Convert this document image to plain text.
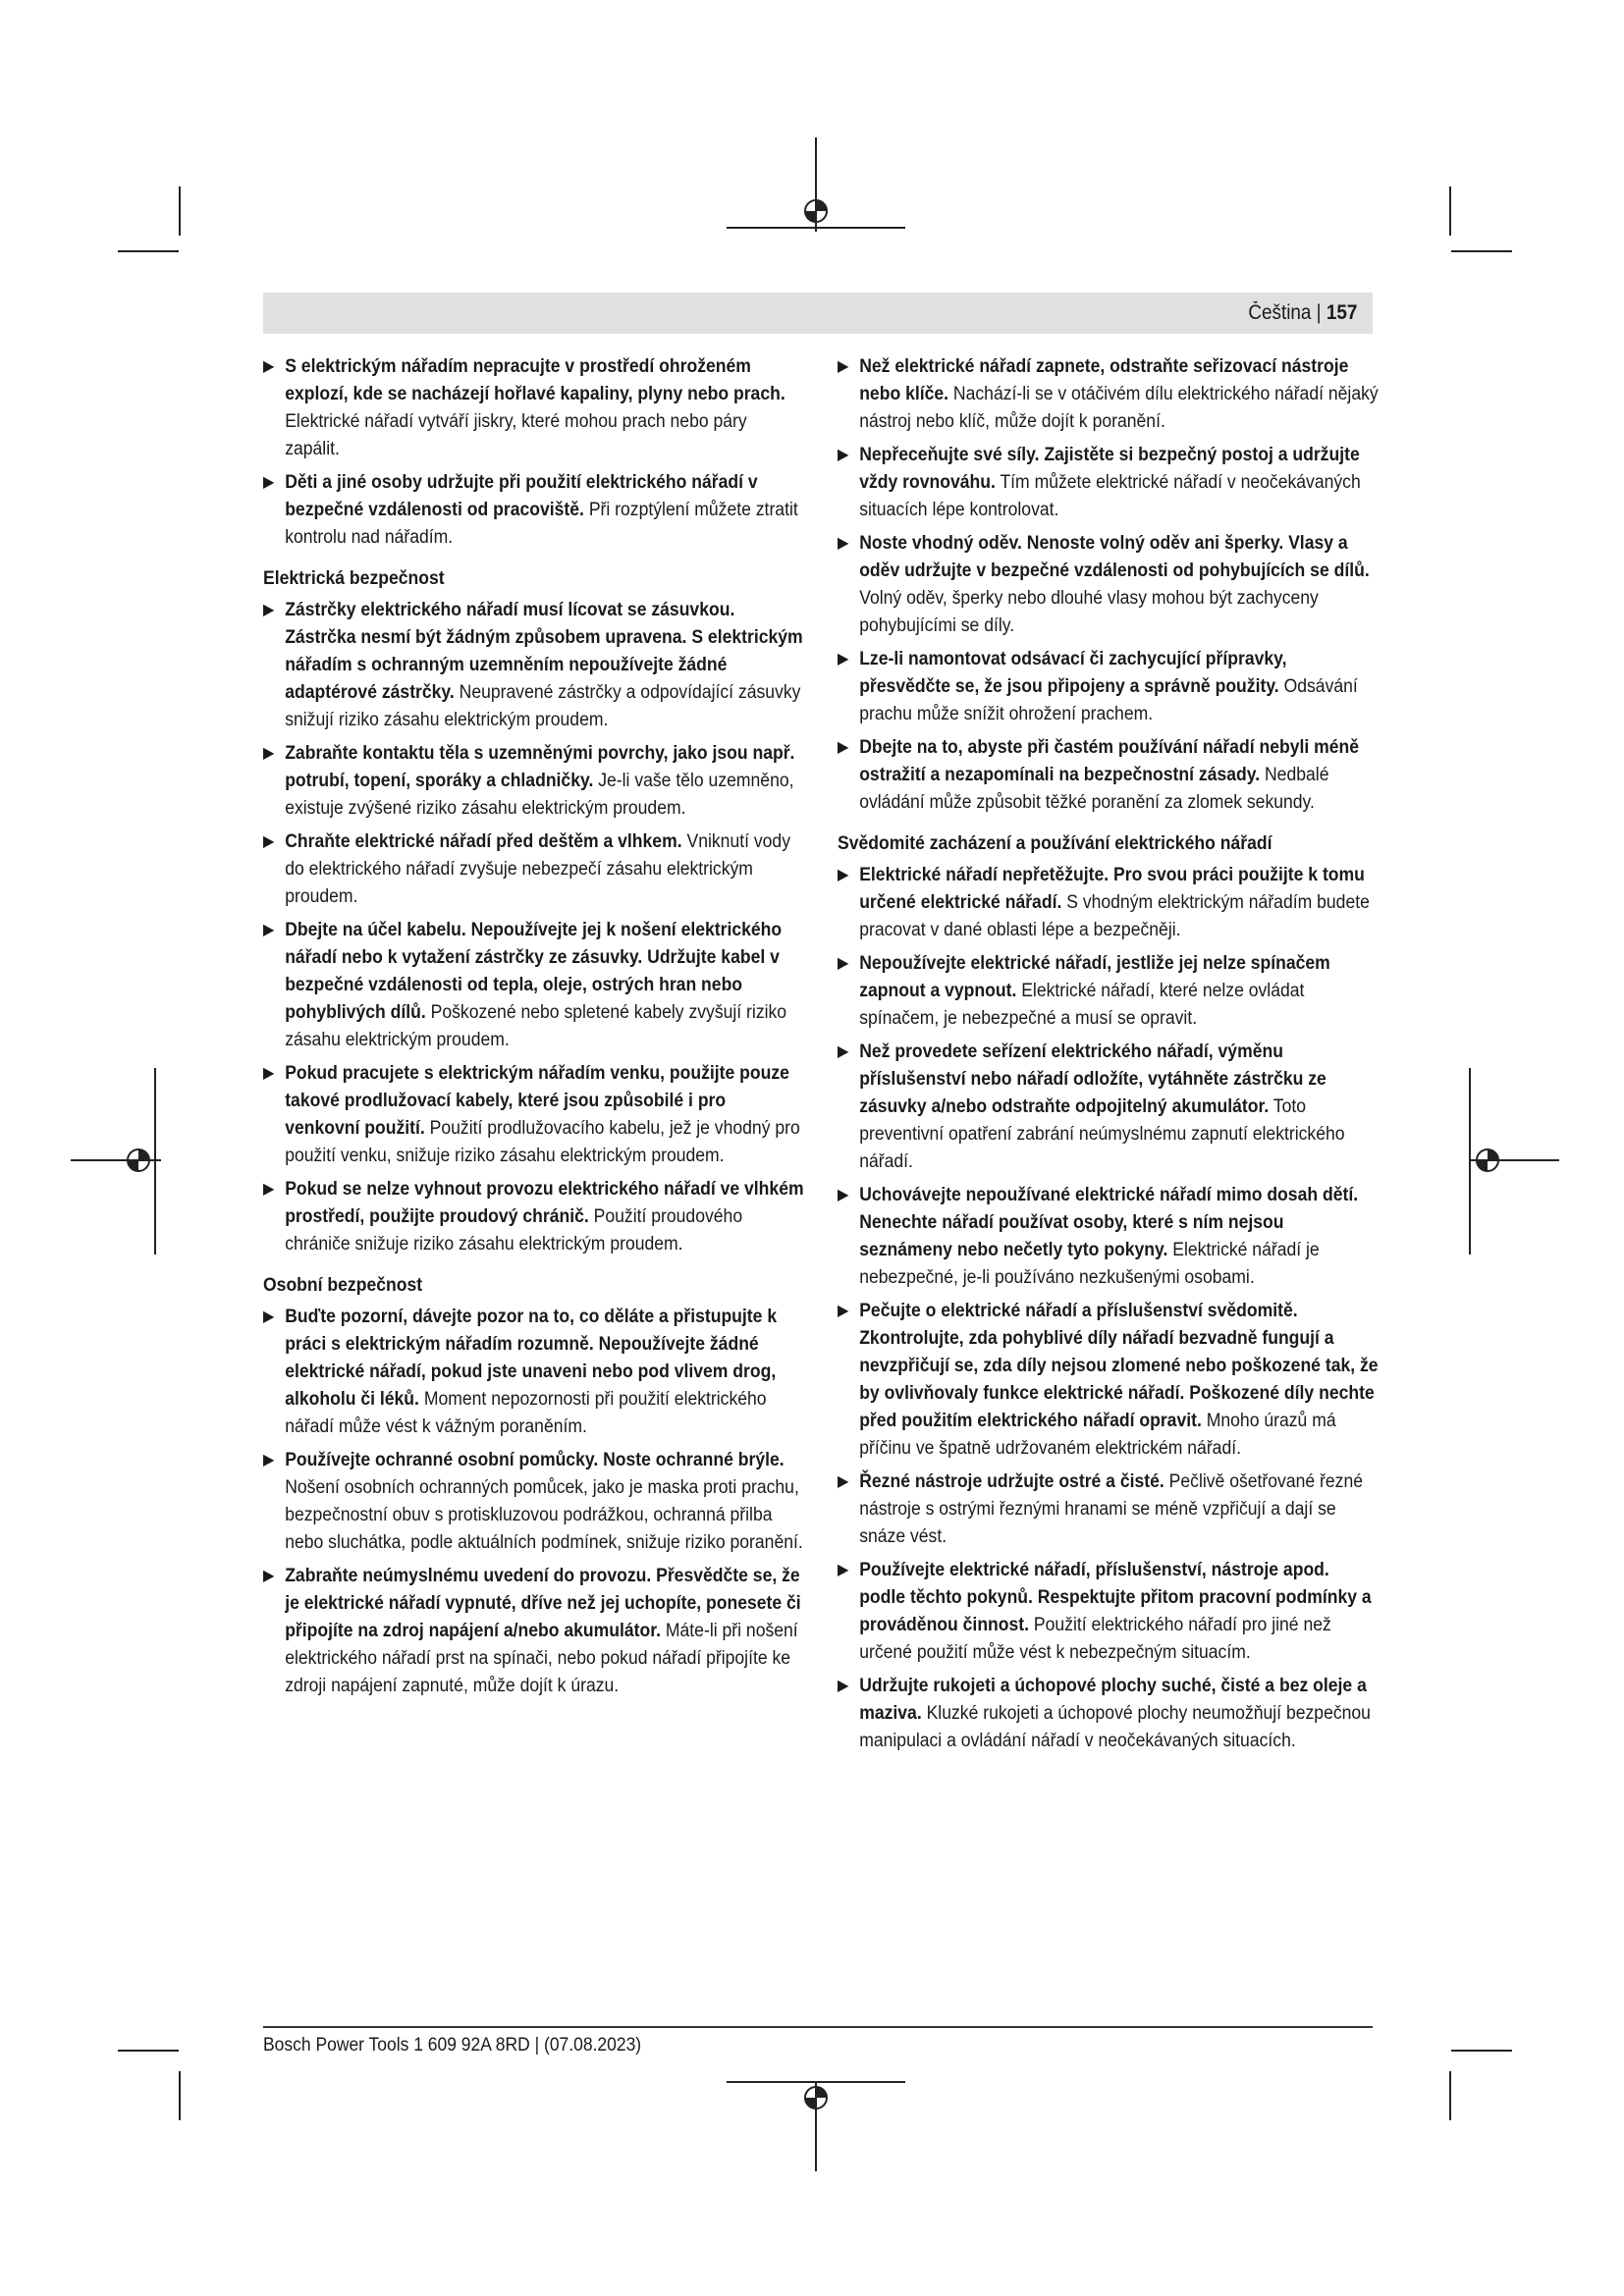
Čeština | 157
▶ S elektrickým nářadím nepracujte v prostředí ohroženém explozí, kde se nacházejí hořlavé kapaliny, plyny nebo prach. Elektrické nářadí vytváří jiskry, které mohou prach nebo páry zapálit.
▶ Děti a jiné osoby udržujte při použití elektrického nářadí v bezpečné vzdálenosti od pracoviště. Při rozptýlení můžete ztratit kontrolu nad nářadím.
Elektrická bezpečnost
▶ Zástrčky elektrického nářadí musí lícovat se zásuvkou. Zástrčka nesmí být žádným způsobem upravena. S elektrickým nářadím s ochranným uzemněním nepoužívejte žádné adaptérové zástrčky. Neupravené zástrčky a odpovídající zásuvky snižují riziko zásahu elektrickým proudem.
▶ Zabraňte kontaktu těla s uzemněnými povrchy, jako jsou např. potrubí, topení, sporáky a chladničky. Je-li vaše tělo uzemněno, existuje zvýšené riziko zásahu elektrickým proudem.
▶ Chraňte elektrické nářadí před deštěm a vlhkem. Vniknutí vody do elektrického nářadí zvyšuje nebezpečí zásahu elektrickým proudem.
▶ Dbejte na účel kabelu. Nepoužívejte jej k nošení elektrického nářadí nebo k vytažení zástrčky ze zásuvky. Udržujte kabel v bezpečné vzdálenosti od tepla, oleje, ostrých hran nebo pohyblivých dílů. Poškozené nebo spletené kabely zvyšují riziko zásahu elektrickým proudem.
▶ Pokud pracujete s elektrickým nářadím venku, použijte pouze takové prodlužovací kabely, které jsou způsobilé i pro venkovní použití. Použití prodlužovacího kabelu, jež je vhodný pro použití venku, snižuje riziko zásahu elektrickým proudem.
▶ Pokud se nelze vyhnout provozu elektrického nářadí ve vlhkém prostředí, použijte proudový chránič. Použití proudového chrániče snižuje riziko zásahu elektrickým proudem.
Osobní bezpečnost
▶ Buďte pozorní, dávejte pozor na to, co děláte a přistupujte k práci s elektrickým nářadím rozumně. Nepoužívejte žádné elektrické nářadí, pokud jste unaveni nebo pod vlivem drog, alkoholu či léků. Moment nepozornosti při použití elektrického nářadí může vést k vážným poraněním.
▶ Používejte ochranné osobní pomůcky. Noste ochranné brýle. Nošení osobních ochranných pomůcek, jako je maska proti prachu, bezpečnostní obuv s protiskluzovou podrážkou, ochranná přilba nebo sluchátka, podle aktuálních podmínek, snižuje riziko poranění.
▶ Zabraňte neúmyslnému uvedení do provozu. Přesvědčte se, že je elektrické nářadí vypnuté, dříve než jej uchopíte, ponesete či připojíte na zdroj napájení a/nebo akumulátor. Máte-li při nošení elektrického nářadí prst na spínači, nebo pokud nářadí připojíte ke zdroji napájení zapnuté, může dojít k úrazu.
▶ Než elektrické nářadí zapnete, odstraňte seřizovací nástroje nebo klíče. Nachází-li se v otáčivém dílu elektrického nářadí nějaký nástroj nebo klíč, může dojít k poranění.
▶ Nepřeceňujte své síly. Zajistěte si bezpečný postoj a udržujte vždy rovnováhu. Tím můžete elektrické nářadí v neočekávaných situacích lépe kontrolovat.
▶ Noste vhodný oděv. Nenoste volný oděv ani šperky. Vlasy a oděv udržujte v bezpečné vzdálenosti od pohybujících se dílů. Volný oděv, šperky nebo dlouhé vlasy mohou být zachyceny pohybujícími se díly.
▶ Lze-li namontovat odsávací či zachycující přípravky, přesvědčte se, že jsou připojeny a správně použity. Odsávání prachu může snížit ohrožení prachem.
▶ Dbejte na to, abyste při častém používání nářadí nebyli méně ostražití a nezapomínali na bezpečnostní zásady. Nedbalé ovládání může způsobit těžké poranění za zlomek sekundy.
Svědomité zacházení a používání elektrického nářadí
▶ Elektrické nářadí nepřetěžujte. Pro svou práci použijte k tomu určené elektrické nářadí. S vhodným elektrickým nářadím budete pracovat v dané oblasti lépe a bezpečněji.
▶ Nepoužívejte elektrické nářadí, jestliže jej nelze spínačem zapnout a vypnout. Elektrické nářadí, které nelze ovládat spínačem, je nebezpečné a musí se opravit.
▶ Než provedete seřízení elektrického nářadí, výměnu příslušenství nebo nářadí odložíte, vytáhněte zástrčku ze zásuvky a/nebo odstraňte odpojitelný akumulátor. Toto preventivní opatření zabrání neúmyslnému zapnutí elektrického nářadí.
▶ Uchovávejte nepoužívané elektrické nářadí mimo dosah dětí. Nenechte nářadí používat osoby, které s ním nejsou seznámeny nebo nečetly tyto pokyny. Elektrické nářadí je nebezpečné, je-li používáno nezkušenými osobami.
▶ Pečujte o elektrické nářadí a příslušenství svědomitě. Zkontrolujte, zda pohyblivé díly nářadí bezvadně fungují a nevzpřičují se, zda díly nejsou zlomené nebo poškozené tak, že by ovlivňovaly funkce elektrické nářadí. Poškozené díly nechte před použitím elektrického nářadí opravit. Mnoho úrazů má příčinu ve špatně udržovaném elektrickém nářadí.
▶ Řezné nástroje udržujte ostré a čisté. Pečlivě ošetřované řezné nástroje s ostrými řeznými hranami se méně vzpřičují a dají se snáze vést.
▶ Používejte elektrické nářadí, příslušenství, nástroje apod. podle těchto pokynů. Respektujte přitom pracovní podmínky a prováděnou činnost. Použití elektrického nářadí pro jiné než určené použití může vést k nebezpečným situacím.
▶ Udržujte rukojeti a úchopové plochy suché, čisté a bez oleje a maziva. Kluzké rukojeti a úchopové plochy neumožňují bezpečnou manipulaci a ovládání nářadí v neočekávaných situacích.
Bosch Power Tools 1 609 92A 8RD | (07.08.2023)
